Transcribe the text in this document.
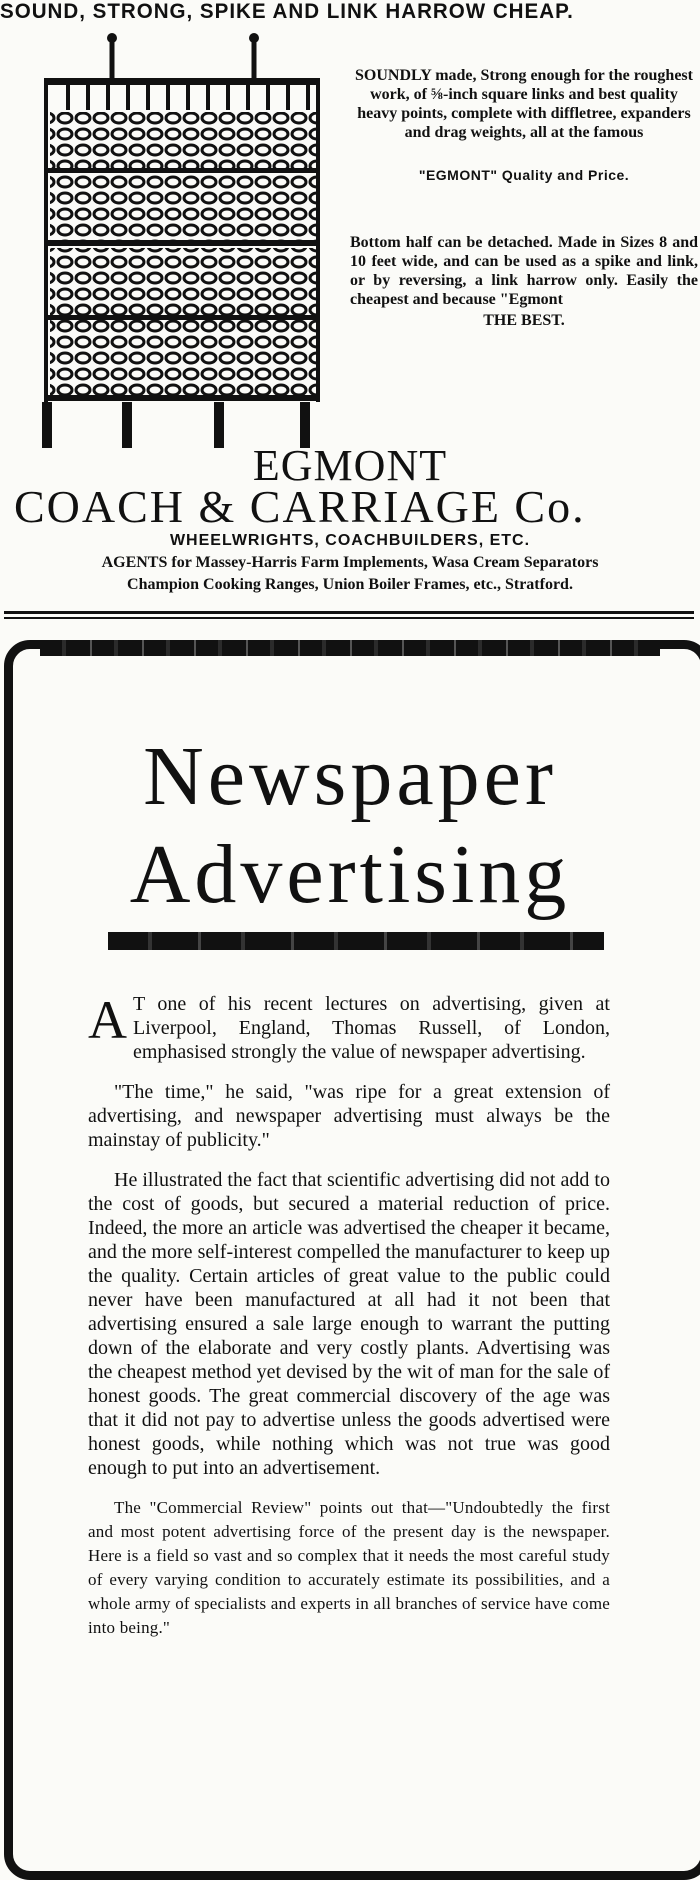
SOUND, STRONG, SPIKE AND LINK HARROW CHEAP.

SOUNDLY made, Strong enough for the roughest work, of ⅝-inch square links and best quality heavy points, complete with diffletree, expanders and drag weights, all at the famous

"EGMONT" Quality and Price.

Bottom half can be detached. Made in Sizes 8 and 10 feet wide, and can be used as a spike and link, or by reversing, a link harrow only. Easily the cheapest and because "Egmont

THE BEST.

EGMONT
COACH & CARRIAGE Co.
WHEELWRIGHTS, COACHBUILDERS, ETC.
AGENTS for Massey-Harris Farm Implements, Wasa Cream Separators
Champion Cooking Ranges, Union Boiler Frames, etc., Stratford.
Newspaper
Advertising

AT one of his recent lectures on advertising, given at Liverpool, England, Thomas Russell, of London, emphasised strongly the value of newspaper advertising.

"The time," he said, "was ripe for a great extension of advertising, and newspaper advertising must always be the mainstay of publicity."

He illustrated the fact that scientific advertising did not add to the cost of goods, but secured a material reduction of price. Indeed, the more an article was advertised the cheaper it became, and the more self-interest compelled the manufacturer to keep up the quality. Certain articles of great value to the public could never have been manufactured at all had it not been that advertising ensured a sale large enough to warrant the putting down of the elaborate and very costly plants. Advertising was the cheapest method yet devised by the wit of man for the sale of honest goods. The great commercial discovery of the age was that it did not pay to advertise unless the goods advertised were honest goods, while nothing which was not true was good enough to put into an advertisement.

The "Commercial Review" points out that—"Undoubtedly the first and most potent advertising force of the present day is the newspaper. Here is a field so vast and so complex that it needs the most careful study of every varying condition to accurately estimate its possibilities, and a whole army of specialists and experts in all branches of service have come into being."
